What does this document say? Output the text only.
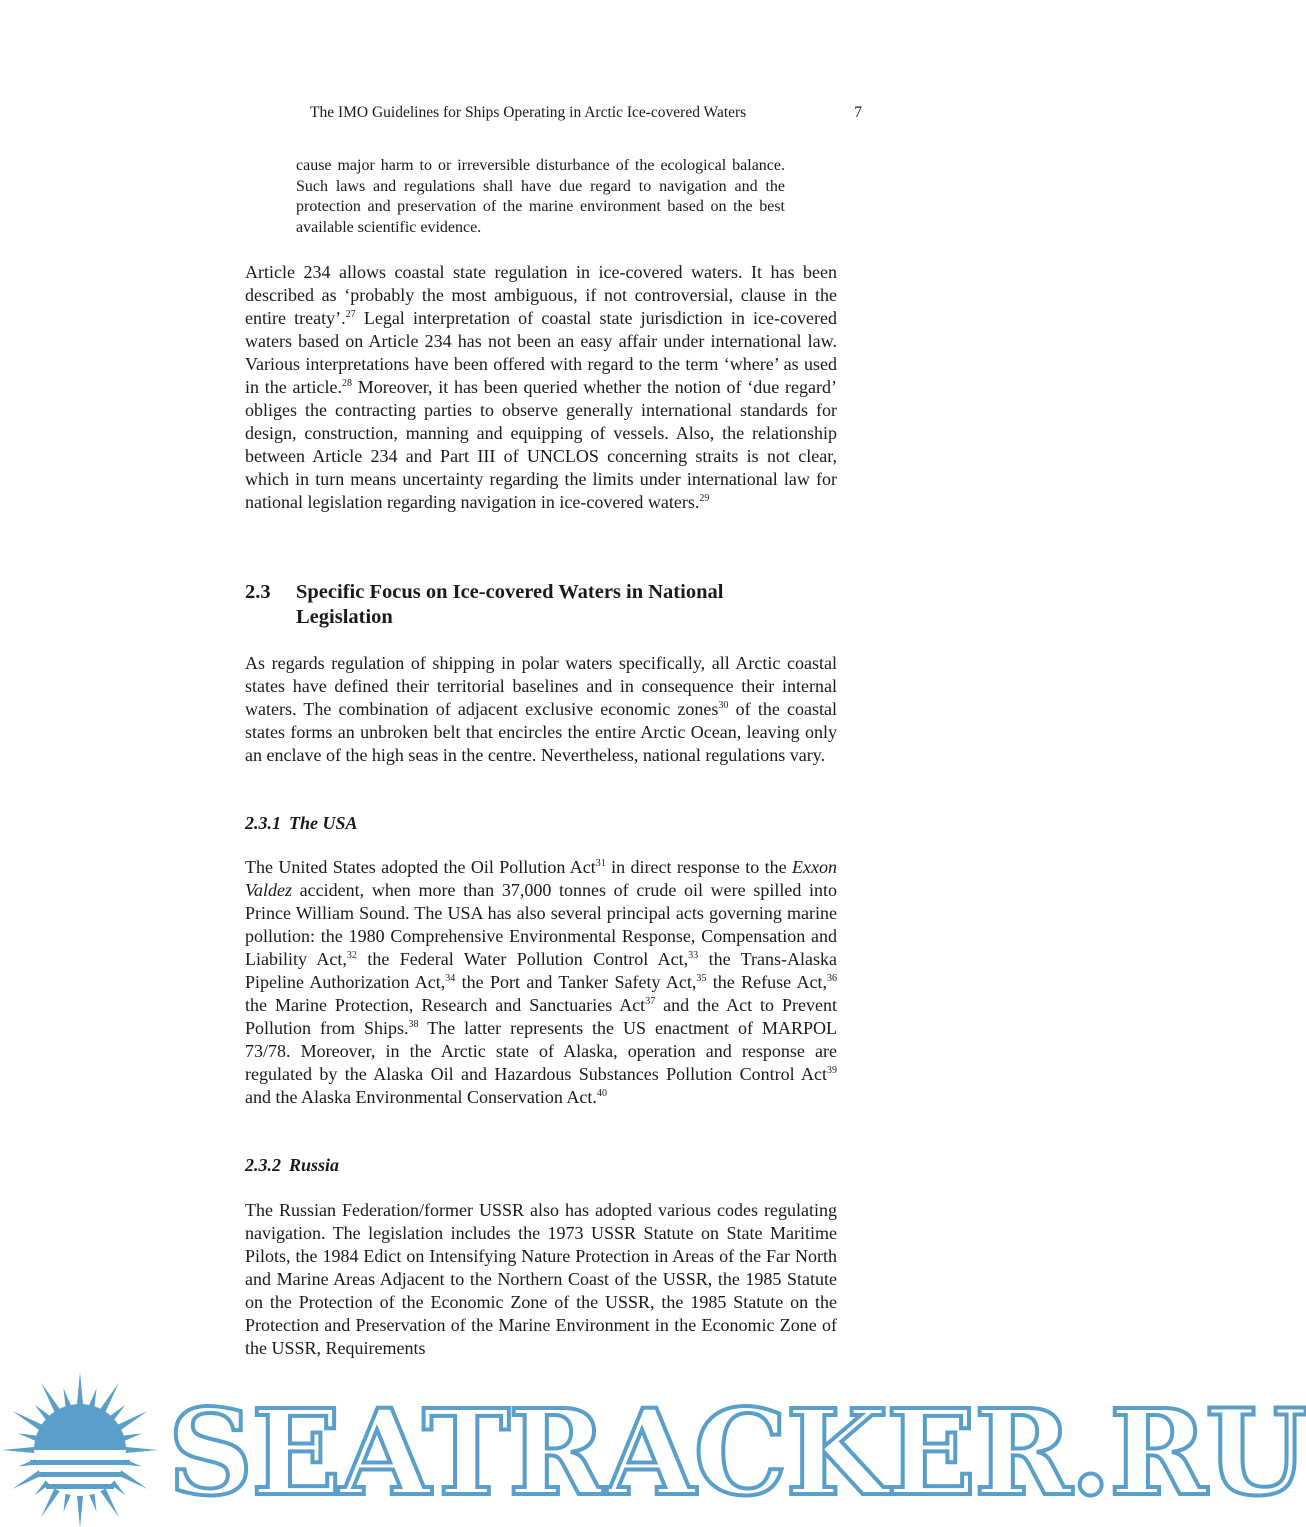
The IMO Guidelines for Ships Operating in Arctic Ice-covered Waters	7

cause major harm to or irreversible disturbance of the ecological balance. Such laws and regulations shall have due regard to navigation and the protection and preservation of the marine environment based on the best available scientific evidence.

Article 234 allows coastal state regulation in ice-covered waters. It has been described as ‘probably the most ambiguous, if not controversial, clause in the entire treaty’.$^{27}$ Legal interpretation of coastal state jurisdiction in ice-covered waters based on Article 234 has not been an easy affair under international law. Various interpretations have been offered with regard to the term ‘where’ as used in the article.$^{28}$ Moreover, it has been queried whether the notion of ‘due regard’ obliges the contracting parties to observe generally international standards for design, construction, manning and equipping of vessels. Also, the relationship between Article 234 and Part III of UNCLOS concerning straits is not clear, which in turn means uncertainty regarding the limits under international law for national legislation regarding navigation in ice-covered waters.$^{29}$

2.3 Specific Focus on Ice-covered Waters in National Legislation

As regards regulation of shipping in polar waters specifically, all Arctic coastal states have defined their territorial baselines and in consequence their internal waters. The combination of adjacent exclusive economic zones$^{30}$ of the coastal states forms an unbroken belt that encircles the entire Arctic Ocean, leaving only an enclave of the high seas in the centre. Nevertheless, national regulations vary.

2.3.1 The USA

The United States adopted the Oil Pollution Act$^{31}$ in direct response to the Exxon Valdez accident, when more than 37,000 tonnes of crude oil were spilled into Prince William Sound. The USA has also several principal acts governing marine pollution: the 1980 Comprehensive Environmental Response, Compensation and Liability Act,$^{32}$ the Federal Water Pollution Control Act,$^{33}$ the Trans-Alaska Pipeline Authorization Act,$^{34}$ the Port and Tanker Safety Act,$^{35}$ the Refuse Act,$^{36}$ the Marine Protection, Research and Sanctuaries Act$^{37}$ and the Act to Prevent Pollution from Ships.$^{38}$ The latter represents the US enactment of MARPOL 73/78. Moreover, in the Arctic state of Alaska, operation and response are regulated by the Alaska Oil and Hazardous Substances Pollution Control Act$^{39}$ and the Alaska Environmental Conservation Act.$^{40}$

2.3.2 Russia

The Russian Federation/former USSR also has adopted various codes regulating navigation. The legislation includes the 1973 USSR Statute on State Maritime Pilots, the 1984 Edict on Intensifying Nature Protection in Areas of the Far North and Marine Areas Adjacent to the Northern Coast of the USSR, the 1985 Statute on the Protection of the Economic Zone of the USSR, the 1985 Statute on the Protection and Preservation of the Marine Environment in the Economic Zone of the USSR, Requirements

SEATRACKER.RU
